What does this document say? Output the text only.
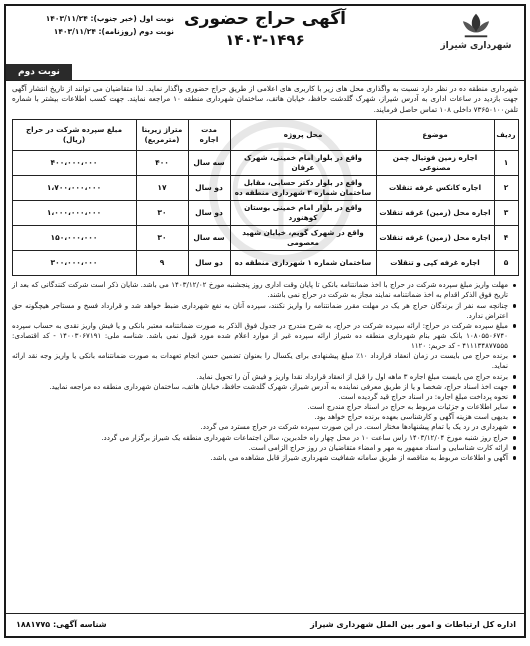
شهرداری شیراز
آگهی حراج حضوری
۱۴۰۳-۱۴۹۶
نوبت اول (خبر جنوب): ۱۴۰۳/۱۱/۲۴
نوبت دوم (روزنامه): ۱۴۰۳/۱۱/۲۴
نوبت دوم
شهرداری منطقه ده در نظر دارد نسبت به واگذاری محل های زیر با کاربری های اعلامی از طریق حراج حضوری واگذار نماید. لذا متقاضیان می توانند از تاریخ انتشار آگهی جهت بازدید در ساعات اداری به آدرس شیراز، شهرک گلدشت حافظ، خیابان هاتف، ساختمان شهرداری منطقه ۱۰ مراجعه نمایند. جهت کسب اطلاعات بیشتر با شماره تلفن۷۳۶۵۰۱۰۰ داخلی ۱۰۸ تماس حاصل فرمایند.
ردیف	موضوع	محل پروژه	مدت اجاره	متراژ زیربنا (مترمربع)	مبلغ سپرده شرکت در حراج (ریال)
۱	اجاره زمین فوتبال چمن مصنوعی	واقع در بلوار امام خمینی، شهرک عرفان	سه سال	۴۰۰	۴۰۰،۰۰۰،۰۰۰
۲	اجاره کانکس غرفه تنقلات	واقع در بلوار دکتر حسابی، مقابل ساختمان شماره ۳ شهرداری منطقه ده	دو سال	۱۷	۱،۷۰۰،۰۰۰،۰۰۰
۳	اجاره محل (زمین) غرفه تنقلات	واقع در بلوار امام خمینی بوستان کوهنورد	دو سال	۳۰	۱،۰۰۰،۰۰۰،۰۰۰
۴	اجاره محل (زمین) غرفه تنقلات	واقع در شهرک گویم، خیابان شهید معصومی	سه سال	۳۰	۱۵۰،۰۰۰،۰۰۰
۵	اجاره غرفه کپی و تنقلات	ساختمان شماره ۱ شهرداری منطقه ده	دو سال	۹	۳۰۰،۰۰۰،۰۰۰

مهلت واریز مبلغ سپرده شرکت در حراج با اخذ ضمانتنامه بانکی تا پایان وقت اداری روز پنجشنبه مورخ ۱۴۰۳/۱۲/۰۲ می باشد. شایان ذکر است شرکت کنندگانی که بعد از تاریخ فوق الذکر اقدام به اخذ ضمانتنامه نمایند مجاز به شرکت در حراج نمی باشند.

چنانچه سه نفر از برندگان حراج هر یک در مهلت مقرر ضمانتنامه را واریز نکنند، سپرده آنان به نفع شهرداری ضبط خواهد شد و قرارداد فسخ و مستاجر هیچگونه حق اعتراض ندارد.

مبلغ سپرده شرکت در حراج: ارائه سپرده شرکت در حراج، به شرح مندرج در جدول فوق الذکر به صورت ضمانتنامه معتبر بانکی و یا فیش واریز نقدی به حساب سپرده ۱۰۸۰۵۵۰۶۷۴۰ بانک شهر بنام شهرداری منطقه ده شیراز ارائه سپرده غیر از موارد اعلام شده مورد قبول نمی باشد. شناسه ملی: ۱۴۰۰۳۰۶۷۱۹۱ - کد اقتصادی: ۴۱۱۱۳۴۸۷۷۵۵۵ - کد حریم: ۱۱۲۰

برنده حراج می بایست در زمان انعقاد قرارداد ۱۰٪ مبلغ پیشنهادی برای یکسال را بعنوان تضمین حسن انجام تعهدات به صورت ضمانتنامه بانکی یا واریز وجه نقد ارائه نماید.

برنده حراج می بایست مبلغ اجاره ۳ ماهه اول را قبل از انعقاد قرارداد نقدا واریز و فیش آن را تحویل نماید.

جهت اخذ اسناد حراج، شخصا و یا از طریق معرفی نماینده به آدرس شیراز، شهرک گلدشت حافظ، خیابان هاتف، ساختمان شهرداری منطقه ده مراجعه نمایید.

نحوه پرداخت مبلغ اجاره: در اسناد حراج قید گردیده است.

سایر اطلاعات و جزئیات مربوط به حراج در اسناد حراج مندرج است.

بدیهی است هزینه آگهی و کارشناسی بعهده برنده حراج خواهد بود.

شهرداری در رد یک یا تمام پیشنهادها مختار است. در این صورت سپرده شرکت در حراج مسترد می گردد.

حراج روز شنبه مورخ ۱۴۰۳/۱۲/۰۴ راس ساعت ۱۰ در محل چهار راه خلدبرین، سالن اجتماعات شهرداری منطقه یک شیراز برگزار می گردد.

ارائه کارت شناسایی و اسناد ممهور به مهر و امضاء متقاضیان در روز حراج الزامی است.

آگهی و اطلاعات مربوط به مناقصه از طریق سامانه شفافیت شهرداری شیراز قابل مشاهده می باشد.

اداره کل ارتباطات و امور بین الملل شهرداری شیراز
شناسه آگهی: ۱۸۸۱۷۷۵
